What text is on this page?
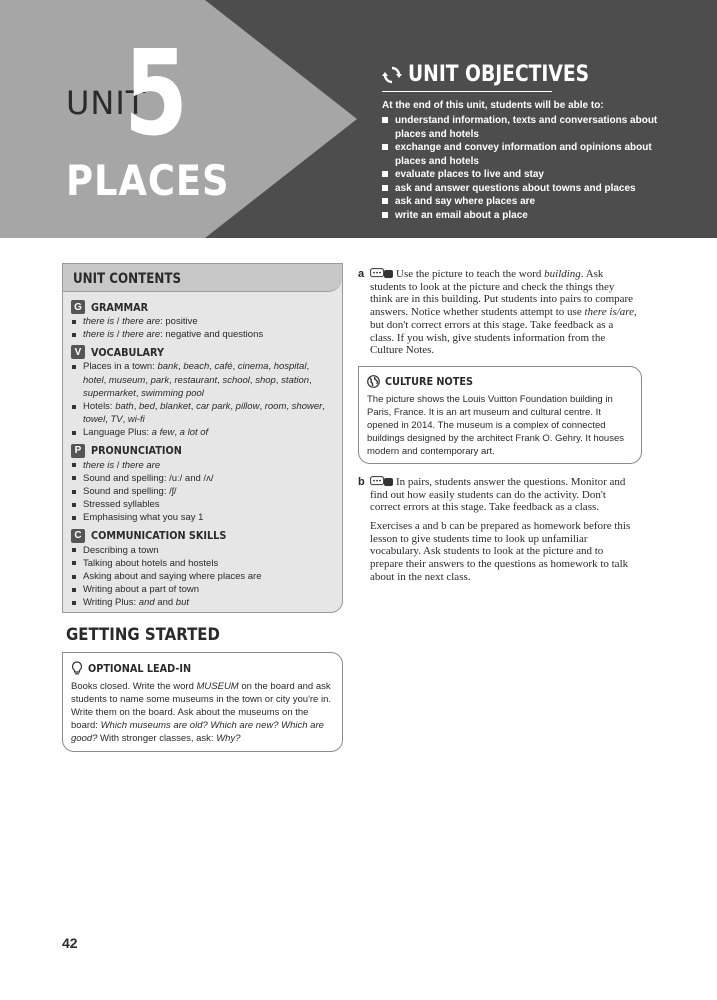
UNIT
5
PLACES
UNIT OBJECTIVES
At the end of this unit, students will be able to:
understand information, texts and conversations about places and hotels
exchange and convey information and opinions about places and hotels
evaluate places to live and stay
ask and answer questions about towns and places
ask and say where places are
write an email about a place
UNIT CONTENTS
G GRAMMAR
there is / there are: positive
there is / there are: negative and questions
V VOCABULARY
Places in a town: bank, beach, café, cinema, hospital, hotel, museum, park, restaurant, school, shop, station, supermarket, swimming pool
Hotels: bath, bed, blanket, car park, pillow, room, shower, towel, TV, wi-fi
Language Plus: a few, a lot of
P PRONUNCIATION
there is / there are
Sound and spelling: /uː/ and /ʌ/
Sound and spelling: /ʃ/
Stressed syllables
Emphasising what you say 1
C COMMUNICATION SKILLS
Describing a town
Talking about hotels and hostels
Asking about and saying where places are
Writing about a part of town
Writing Plus: and and but
GETTING STARTED
OPTIONAL LEAD-IN
Books closed. Write the word MUSEUM on the board and ask students to name some museums in the town or city you're in. Write them on the board. Ask about the museums on the board: Which museums are old? Which are new? Which are good? With stronger classes, ask: Why?
a	Use the picture to teach the word building. Ask students to look at the picture and check the things they think are in this building. Put students into pairs to compare answers. Notice whether students attempt to use there is/are, but don't correct errors at this stage. Take feedback as a class. If you wish, give students information from the Culture Notes.
CULTURE NOTES
The picture shows the Louis Vuitton Foundation building in Paris, France. It is an art museum and cultural centre. It opened in 2014. The museum is a complex of connected buildings designed by the architect Frank O. Gehry. It houses modern and contemporary art.
b	In pairs, students answer the questions. Monitor and find out how easily students can do the activity. Don't correct errors at this stage. Take feedback as a class.
Exercises a and b can be prepared as homework before this lesson to give students time to look up unfamiliar vocabulary. Ask students to look at the picture and to prepare their answers to the questions as homework to talk about in the next class.
42
